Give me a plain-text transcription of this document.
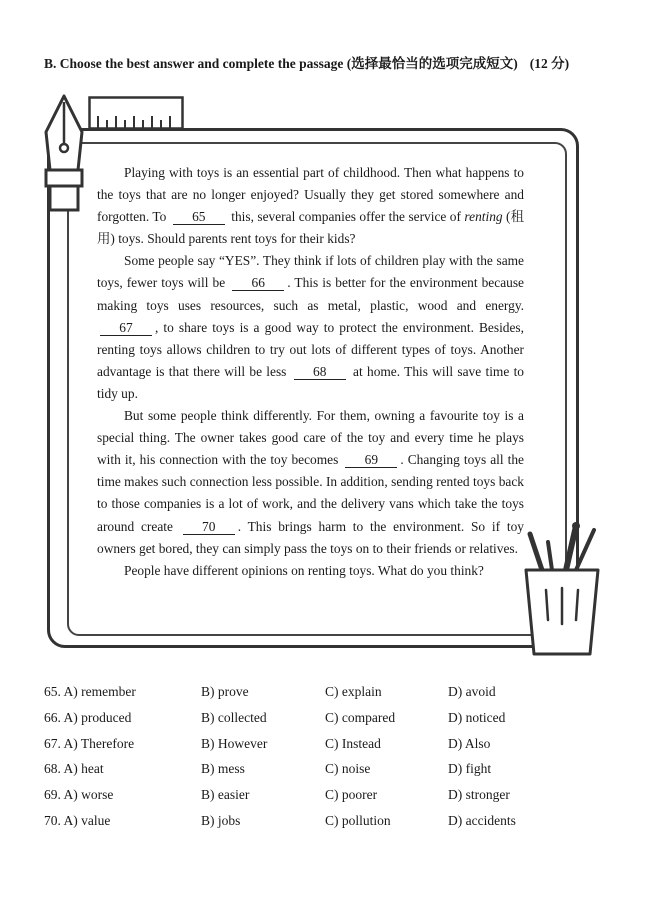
B. Choose the best answer and complete the passage (选择最恰当的选项完成短文) (12 分)

Playing with toys is an essential part of childhood. Then what happens to the toys that are no longer enjoyed? Usually they get stored somewhere and forgotten. To 65 this, several companies offer the service of renting (租用) toys. Should parents rent toys for their kids?

Some people say “YES”. They think if lots of children play with the same toys, fewer toys will be 66 . This is better for the environment because making toys uses resources, such as metal, plastic, wood and energy. 67 , to share toys is a good way to protect the environment. Besides, renting toys allows children to try out lots of different types of toys. Another advantage is that there will be less 68 at home. This will save time to tidy up.

But some people think differently. For them, owning a favourite toy is a special thing. The owner takes good care of the toy and every time he plays with it, his connection with the toy becomes 69 . Changing toys all the time makes such connection less possible. In addition, sending rented toys back to those companies is a lot of work, and the delivery vans which take the toys around create 70 . This brings harm to the environment. So if toy owners get bored, they can simply pass the toys on to their friends or relatives.

People have different opinions on renting toys. What do you think?

65. A) remember	B) prove	C) explain	D) avoid
66. A) produced	B) collected	C) compared	D) noticed
67. A) Therefore	B) However	C) Instead	D) Also
68. A) heat	B) mess	C) noise	D) fight
69. A) worse	B) easier	C) poorer	D) stronger
70. A) value	B) jobs	C) pollution	D) accidents
